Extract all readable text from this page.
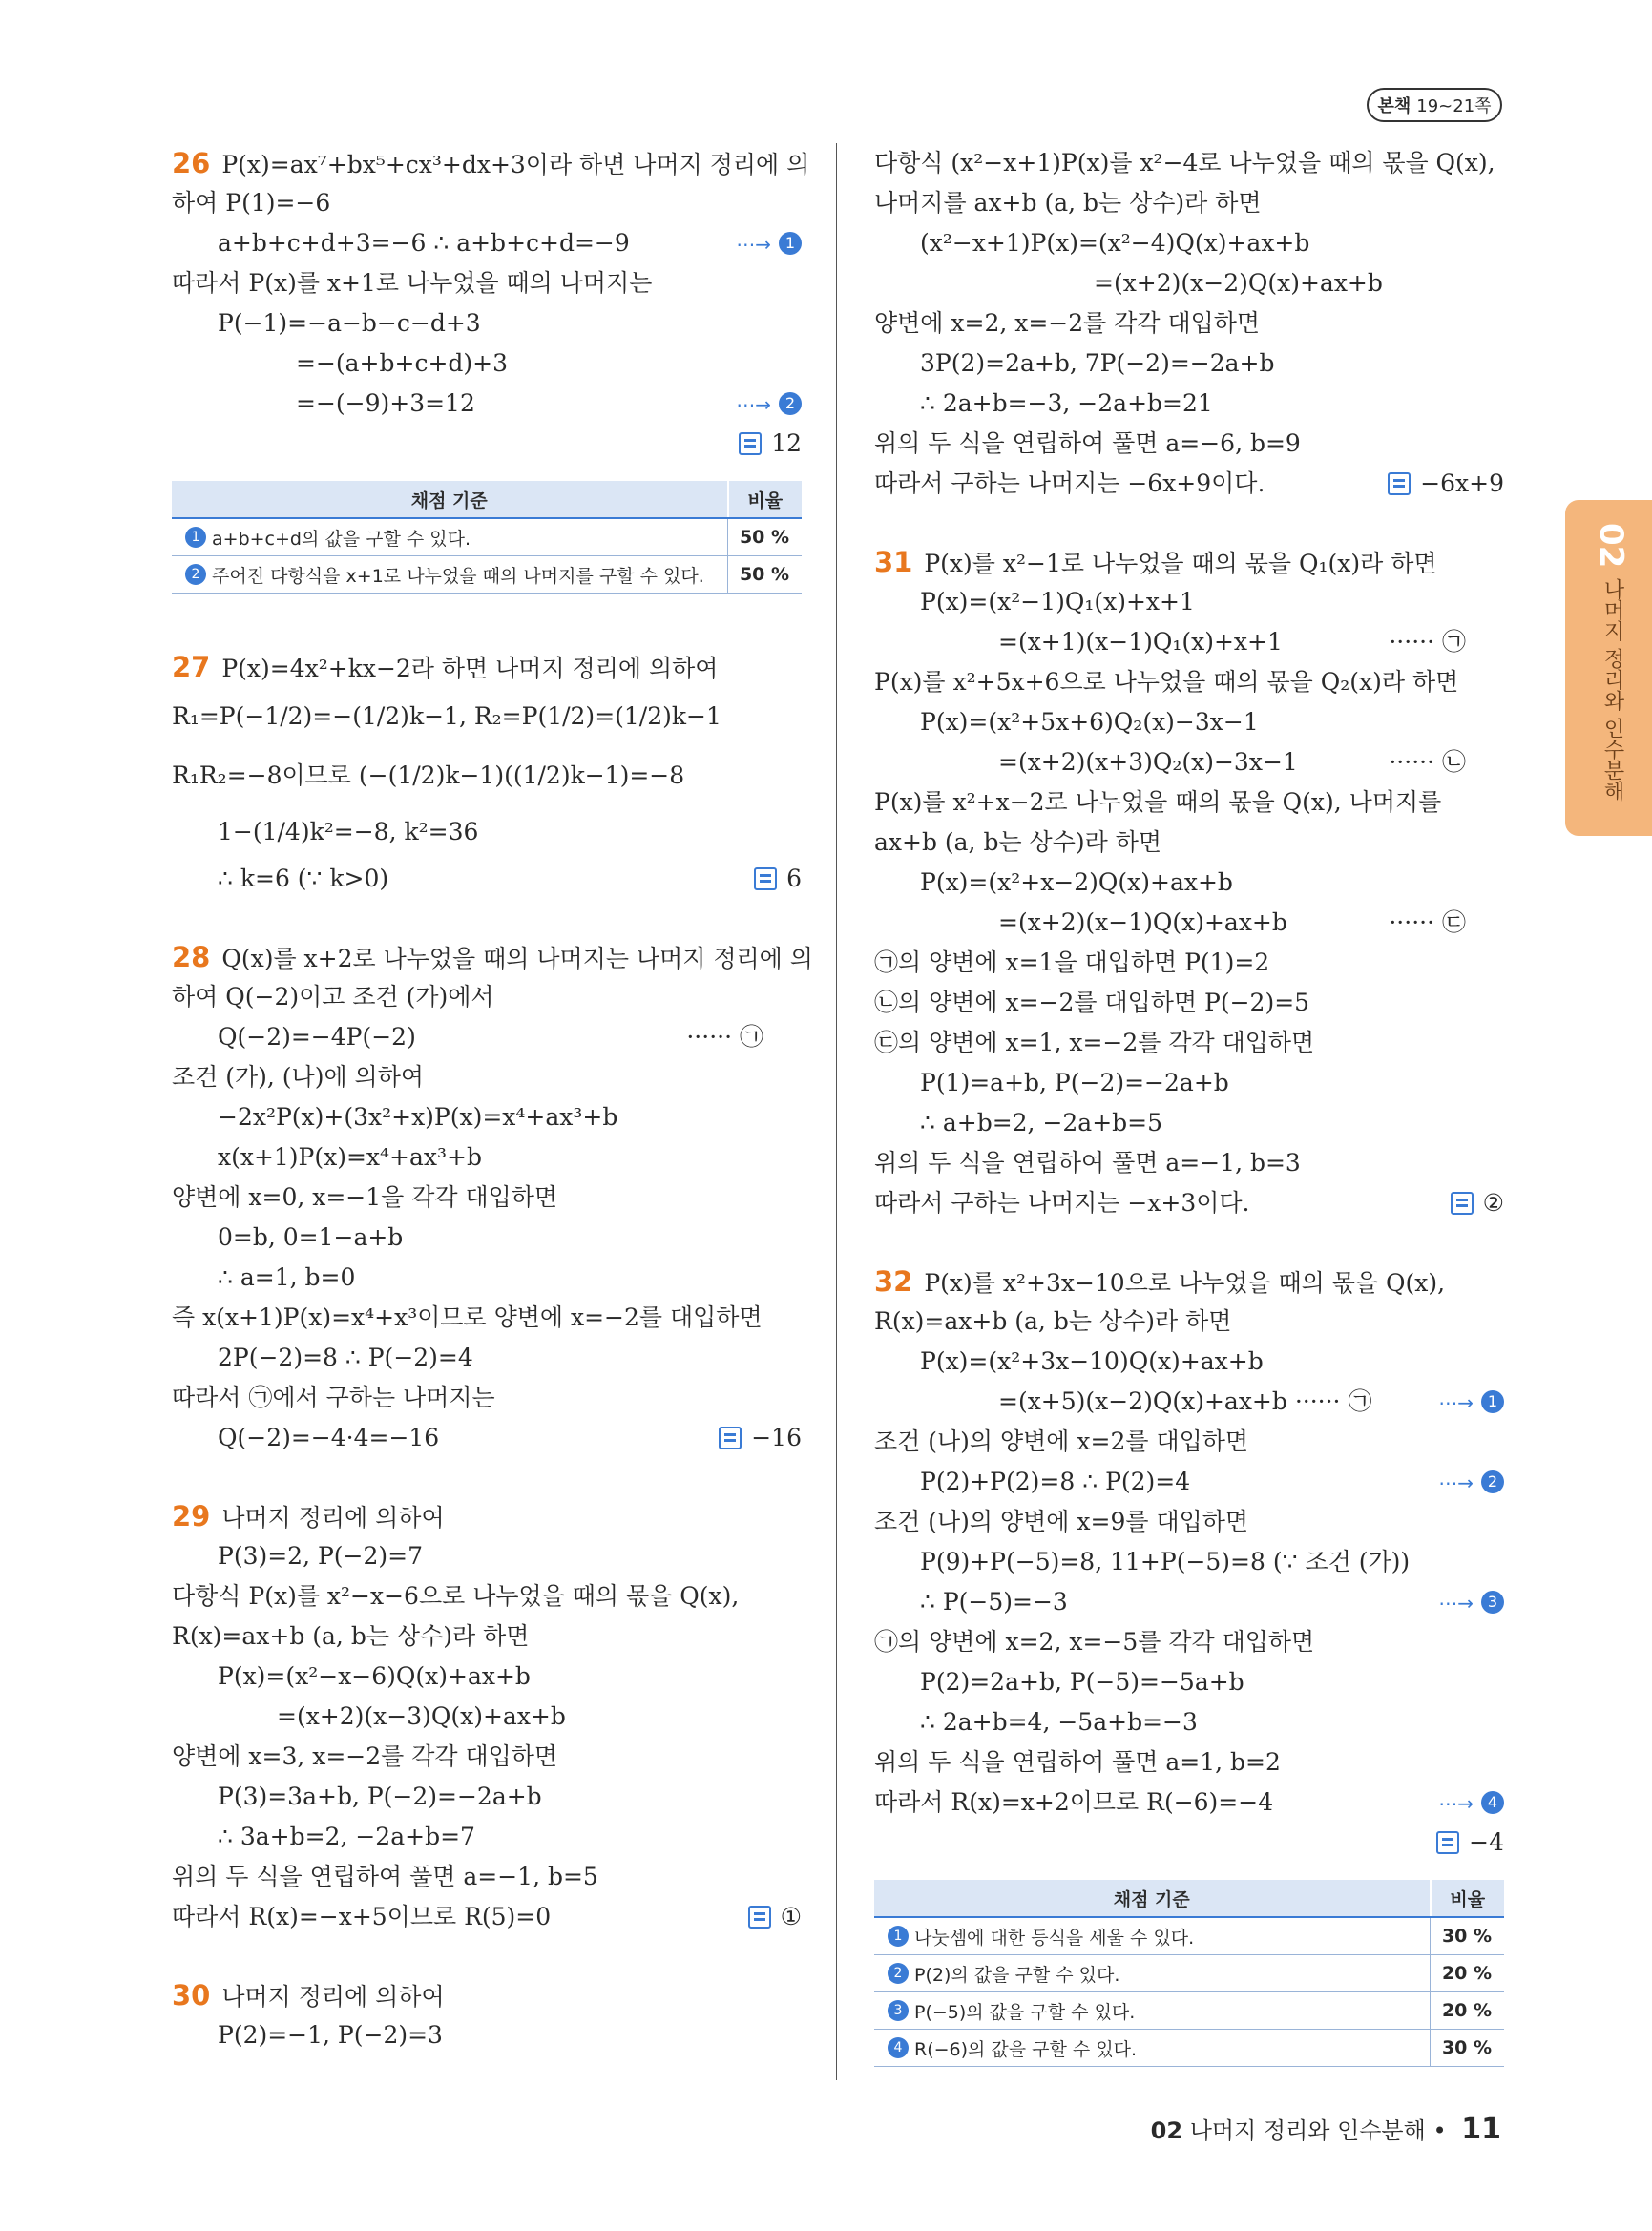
본책 19~21쪽
26 P(x)=ax⁷+bx⁵+cx³+dx+3이라 하면 나머지 정리에 의
하여 P(1)=−6
a+b+c+d+3=−6 ∴ a+b+c+d=−9	⋯→ 1
따라서 P(x)를 x+1로 나누었을 때의 나머지는
P(−1)=−a−b−c−d+3
=−(a+b+c+d)+3
=−(−9)+3=12	⋯→ 2
12
채점 기준	비율
1 a+b+c+d의 값을 구할 수 있다.	50 %
2 주어진 다항식을 x+1로 나누었을 때의 나머지를 구할 수 있다.	50 %
27 P(x)=4x²+kx−2라 하면 나머지 정리에 의하여
R₁=P(−1/2)=−(1/2)k−1, R₂=P(1/2)=(1/2)k−1
R₁R₂=−8이므로 (−(1/2)k−1)((1/2)k−1)=−8
1−(1/4)k²=−8, k²=36
∴ k=6 (∵ k>0)	6
28 Q(x)를 x+2로 나누었을 때의 나머지는 나머지 정리에 의
하여 Q(−2)이고 조건 (가)에서
Q(−2)=−4P(−2)	······ ㉠
조건 (가), (나)에 의하여
−2x²P(x)+(3x²+x)P(x)=x⁴+ax³+b
x(x+1)P(x)=x⁴+ax³+b
양변에 x=0, x=−1을 각각 대입하면
0=b, 0=1−a+b
∴ a=1, b=0
즉 x(x+1)P(x)=x⁴+x³이므로 양변에 x=−2를 대입하면
2P(−2)=8 ∴ P(−2)=4
따라서 ㉠에서 구하는 나머지는
Q(−2)=−4·4=−16	−16
29 나머지 정리에 의하여
P(3)=2, P(−2)=7
다항식 P(x)를 x²−x−6으로 나누었을 때의 몫을 Q(x),
R(x)=ax+b (a, b는 상수)라 하면
P(x)=(x²−x−6)Q(x)+ax+b
=(x+2)(x−3)Q(x)+ax+b
양변에 x=3, x=−2를 각각 대입하면
P(3)=3a+b, P(−2)=−2a+b
∴ 3a+b=2, −2a+b=7
위의 두 식을 연립하여 풀면 a=−1, b=5
따라서 R(x)=−x+5이므로 R(5)=0	①
30 나머지 정리에 의하여
P(2)=−1, P(−2)=3
다항식 (x²−x+1)P(x)를 x²−4로 나누었을 때의 몫을 Q(x),
나머지를 ax+b (a, b는 상수)라 하면
(x²−x+1)P(x)=(x²−4)Q(x)+ax+b
=(x+2)(x−2)Q(x)+ax+b
양변에 x=2, x=−2를 각각 대입하면
3P(2)=2a+b, 7P(−2)=−2a+b
∴ 2a+b=−3, −2a+b=21
위의 두 식을 연립하여 풀면 a=−6, b=9
따라서 구하는 나머지는 −6x+9이다.	−6x+9
31 P(x)를 x²−1로 나누었을 때의 몫을 Q₁(x)라 하면
P(x)=(x²−1)Q₁(x)+x+1
=(x+1)(x−1)Q₁(x)+x+1	······ ㉠
P(x)를 x²+5x+6으로 나누었을 때의 몫을 Q₂(x)라 하면
P(x)=(x²+5x+6)Q₂(x)−3x−1
=(x+2)(x+3)Q₂(x)−3x−1	······ ㉡
P(x)를 x²+x−2로 나누었을 때의 몫을 Q(x), 나머지를
ax+b (a, b는 상수)라 하면
P(x)=(x²+x−2)Q(x)+ax+b
=(x+2)(x−1)Q(x)+ax+b	······ ㉢
㉠의 양변에 x=1을 대입하면 P(1)=2
㉡의 양변에 x=−2를 대입하면 P(−2)=5
㉢의 양변에 x=1, x=−2를 각각 대입하면
P(1)=a+b, P(−2)=−2a+b
∴ a+b=2, −2a+b=5
위의 두 식을 연립하여 풀면 a=−1, b=3
따라서 구하는 나머지는 −x+3이다.	②
32 P(x)를 x²+3x−10으로 나누었을 때의 몫을 Q(x),
R(x)=ax+b (a, b는 상수)라 하면
P(x)=(x²+3x−10)Q(x)+ax+b
=(x+5)(x−2)Q(x)+ax+b ······ ㉠	⋯→ 1
조건 (나)의 양변에 x=2를 대입하면
P(2)+P(2)=8 ∴ P(2)=4	⋯→ 2
조건 (나)의 양변에 x=9를 대입하면
P(9)+P(−5)=8, 11+P(−5)=8 (∵ 조건 (가))
∴ P(−5)=−3	⋯→ 3
㉠의 양변에 x=2, x=−5를 각각 대입하면
P(2)=2a+b, P(−5)=−5a+b
∴ 2a+b=4, −5a+b=−3
위의 두 식을 연립하여 풀면 a=1, b=2
따라서 R(x)=x+2이므로 R(−6)=−4	⋯→ 4
−4
채점 기준	비율
1 나눗셈에 대한 등식을 세울 수 있다.	30 %
2 P(2)의 값을 구할 수 있다.	20 %
3 P(−5)의 값을 구할 수 있다.	20 %
4 R(−6)의 값을 구할 수 있다.	30 %
02
나머지 정리와 인수분해
02 나머지 정리와 인수분해 • 11
